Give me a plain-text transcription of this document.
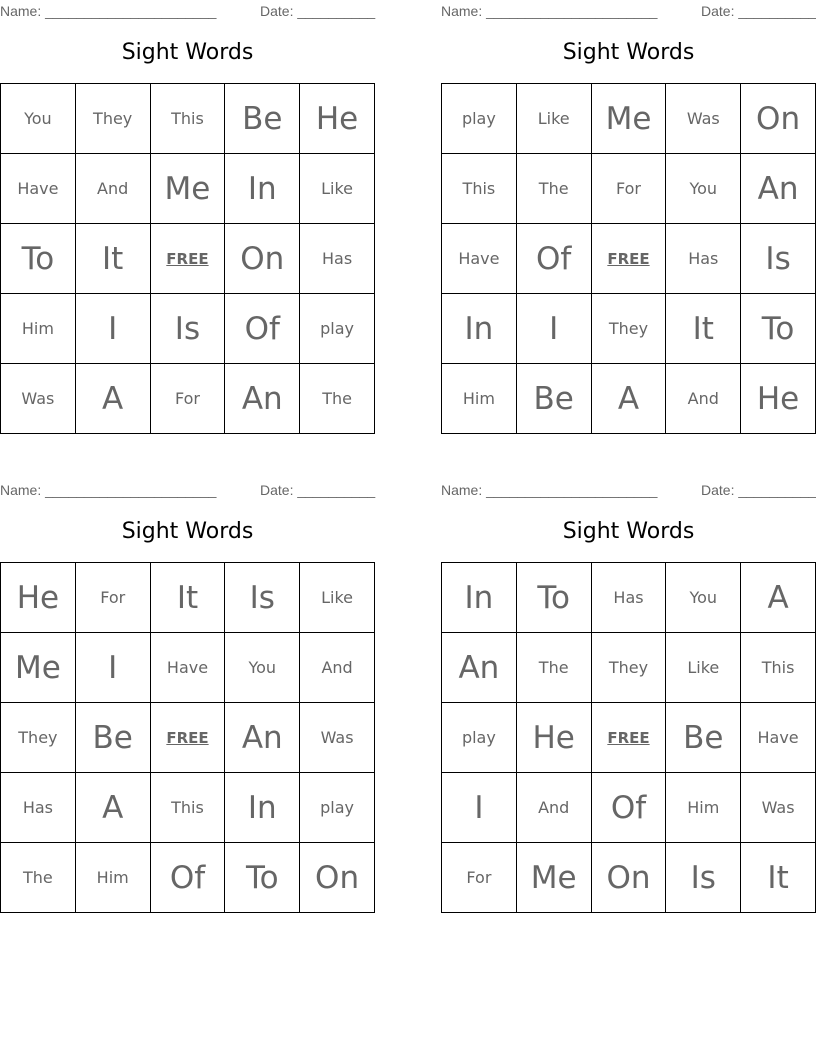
Name: ______________________	Date: __________
Sight Words
You	They	This	Be	He
Have	And	Me	In	Like
To	It	FREE	On	Has
Him	I	Is	Of	play
Was	A	For	An	The
Name: ______________________	Date: __________
Sight Words
play	Like	Me	Was	On
This	The	For	You	An
Have	Of	FREE	Has	Is
In	I	They	It	To
Him	Be	A	And	He
Name: ______________________	Date: __________
Sight Words
He	For	It	Is	Like
Me	I	Have	You	And
They	Be	FREE	An	Was
Has	A	This	In	play
The	Him	Of	To	On
Name: ______________________	Date: __________
Sight Words
In	To	Has	You	A
An	The	They	Like	This
play	He	FREE	Be	Have
I	And	Of	Him	Was
For	Me	On	Is	It
